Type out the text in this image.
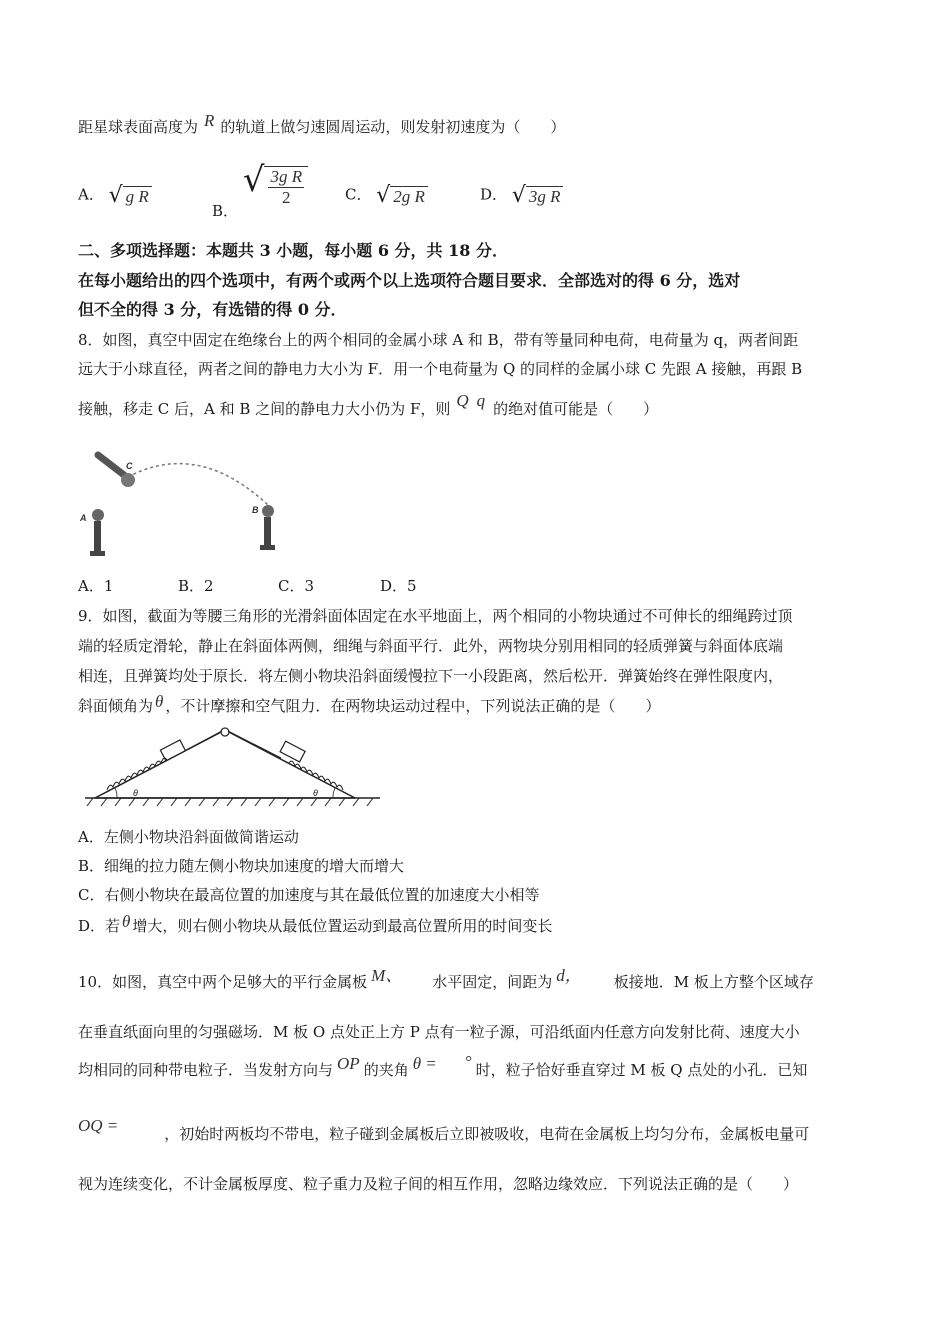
距星球表面高度为 R 的轨道上做匀速圆周运动，则发射初速度为（　　）
A． √ g R
B． √ $\frac{\text{3g R}}{2}$	C． √ 2g R	D． √ 3g R
二、多项选择题：本题共 3 小题，每小题 6 分，共 18 分．
在每小题给出的四个选项中，有两个或两个以上选项符合题目要求．全部选对的得 6 分，选对
但不全的得 3 分，有选错的得 0 分．
8．如图，真空中固定在绝缘台上的两个相同的金属小球 A 和 B，带有等量同种电荷，电荷量为 q，两者间距
远大于小球直径，两者之间的静电力大小为 F．用一个电荷量为 Q 的同样的金属小球 C 先跟 A 接触，再跟 B
接触，移走 C 后，A 和 B 之间的静电力大小仍为 F，则 Q q 的绝对值可能是（　　）
C
A
B
A．1	B．2	C．3	D．5
9．如图，截面为等腰三角形的光滑斜面体固定在水平地面上，两个相同的小物块通过不可伸长的细绳跨过顶
端的轻质定滑轮，静止在斜面体两侧，细绳与斜面平行．此外，两物块分别用相同的轻质弹簧与斜面体底端
相连，且弹簧均处于原长．将左侧小物块沿斜面缓慢拉下一小段距离，然后松开．弹簧始终在弹性限度内，
斜面倾角为 θ ，不计摩擦和空气阻力．在两物块运动过程中，下列说法正确的是（　　）
θ	θ
A．左侧小物块沿斜面做简谐运动
B．细绳的拉力随左侧小物块加速度的增大而增大
C．右侧小物块在最高位置的加速度与其在最低位置的加速度大小相等
D．若 θ 增大，则右侧小物块从最低位置运动到最高位置所用的时间变长
10．如图，真空中两个足够大的平行金属板 M、 水平固定，间距为 d， 板接地．M 板上方整个区域存
在垂直纸面向里的匀强磁场．M 板 O 点处正上方 P 点有一粒子源，可沿纸面内任意方向发射比荷、速度大小
均相同的同种带电粒子．当发射方向与 OP 的夹角 θ = ° 时，粒子恰好垂直穿过 M 板 Q 点处的小孔．已知
OQ =	，初始时两板均不带电，粒子碰到金属板后立即被吸收，电荷在金属板上均匀分布，金属板电量可
视为连续变化，不计金属板厚度、粒子重力及粒子间的相互作用，忽略边缘效应．下列说法正确的是（　　）
